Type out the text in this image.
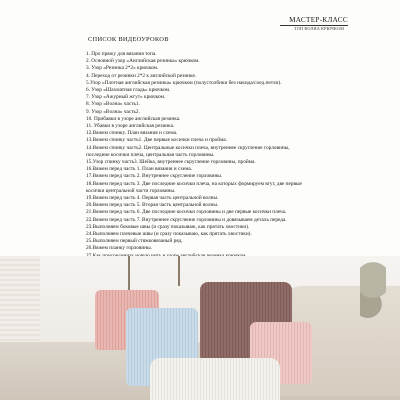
МАСТЕР-КЛАСС
ТОП ВОЛНА КРЮЧКОМ
СПИСОК ВИДЕОУРОКОВ
1. Про пряжу для вязания топа.
2. Основной узор «Английская резинка» крючком.
3. Узор «Резинка 2*2» крючком.
4. Переход от резинки 2*2 к английской резинке.
5.Узор «Плотная английская резинка» крючком (полустолбики без накида/соед.петли).
6. Узор «Шахматная гладь» крючком.
7. Узор «Ажурный жгут» крючком.
8. Узор «Волна» часть1.
9. Узор «Волна» часть2.
10. Прибавки в узоре английская резинка.
11. Убавки в узоре английская резинка.
12.Вяжем спинку. План вязания и схема.
13.Вяжем спинку часть1. Две первые косички плеча и пройма.
14.Вяжем спинку часть2. Центральные косички плеча, внутреннее скругление горловины, последние косички плеча, центральная часть горловины.
15.Узор спинку часть3. Шейка, внутреннее скругление горловины, пройма.
16.Вяжем перед часть 1. План вязания и схема.
17.Вяжем перед часть 2. Внутреннее скругление горловины.
18.Вяжем перед часть 3. Две последние косички плеча, на которых формируем вгуг, две первые косички центральной части горловины.
19.Вяжем перед часть 4. Первая часть центральной волны.
20.Вяжем перед часть 5. Вторая часть центральной волны.
21.Вяжем перед часть 6. Две последние косички горловины и две первые косички плеча.
22.Вяжем перед часть 7. Внутреннее скругление горловины и довязываем деталь переда.
23.Выполняем боковые швы (и сразу показываю, как прятать хвостики).
24.Выполняем плечевые швы (и сразу показываю, как прятать хвостики).
25.Выполняем первый стяжковязаный ряд.
26.Вяжем планку горловины.
